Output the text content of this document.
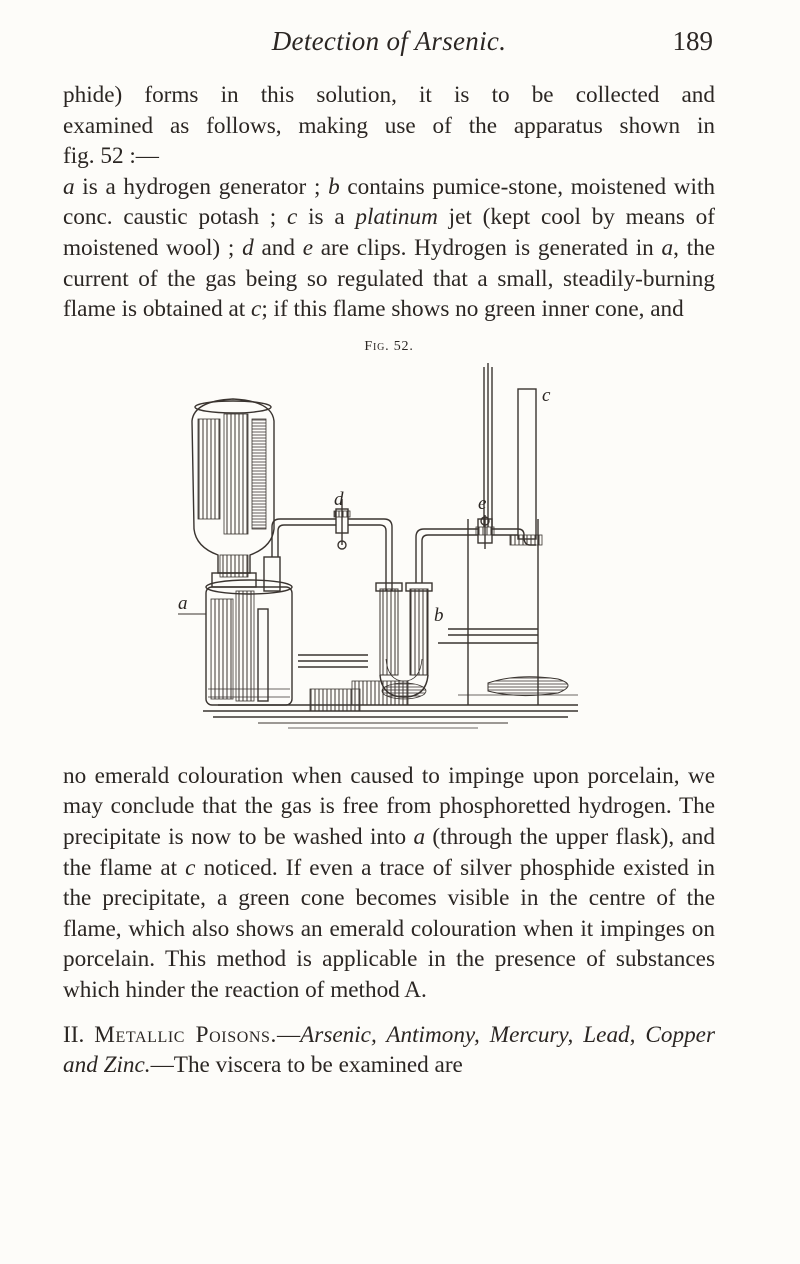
Detection of Arsenic.	189
phide) forms in this solution, it is to be collected and
examined as follows, making use of the apparatus shown in
fig. 52 :—

a is a hydrogen generator ; b contains pumice-stone, moistened with conc. caustic potash ; c is a platinum jet (kept cool by means of moistened wool) ; d and e are clips. Hydrogen is generated in a, the current of the gas being so regulated that a small, steadily-burning flame is obtained at c; if this flame shows no green inner cone, and

Fig. 52.
a
b
c
d	e

no emerald colouration when caused to impinge upon porcelain, we may conclude that the gas is free from phosphoretted hydrogen. The precipitate is now to be washed into a (through the upper flask), and the flame at c noticed. If even a trace of silver phosphide existed in the precipitate, a green cone becomes visible in the centre of the flame, which also shows an emerald colouration when it impinges on porcelain. This method is applicable in the presence of substances which hinder the reaction of method A.

II. Metallic Poisons.—Arsenic, Antimony, Mercury, Lead, Copper and Zinc.—The viscera to be examined are
